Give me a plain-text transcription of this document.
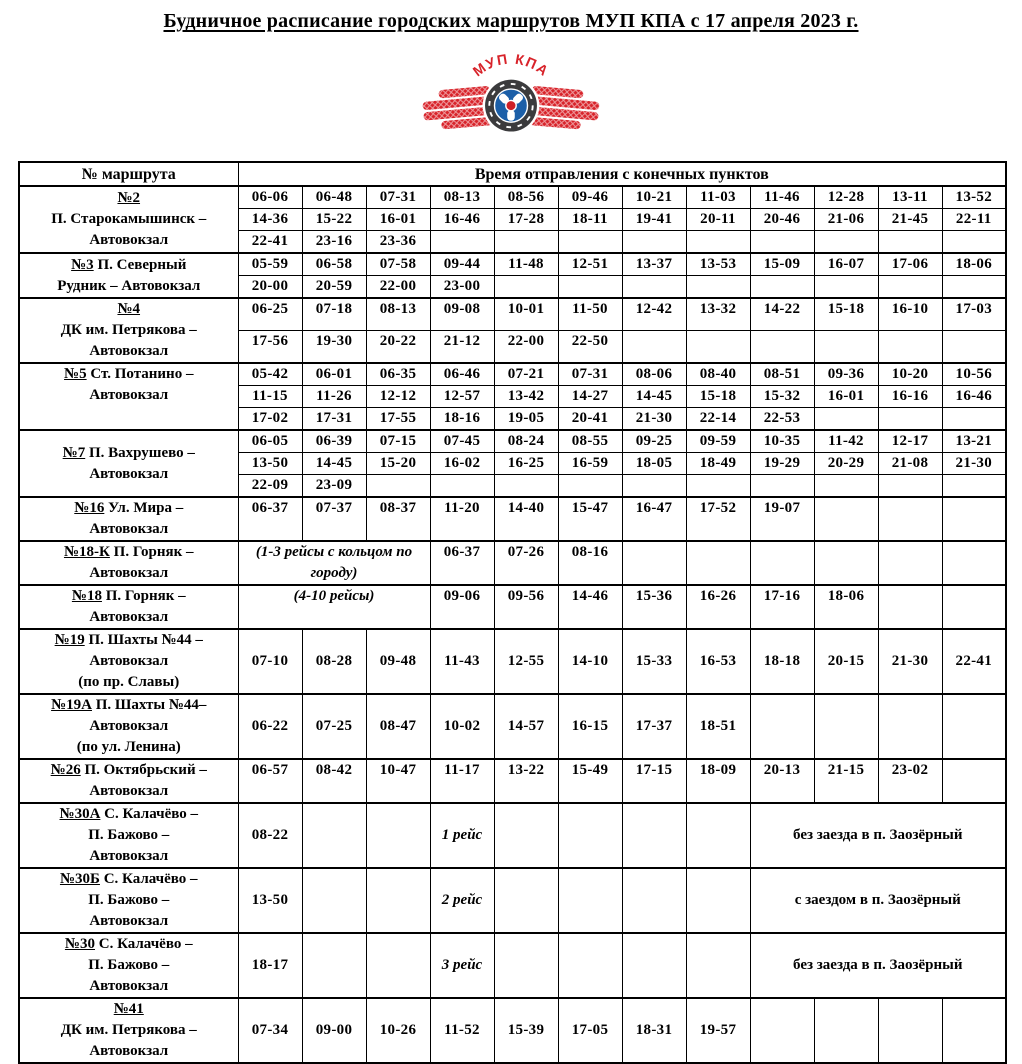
Будничное расписание городских маршрутов МУП КПА с 17 апреля 2023 г.
МУП КПА
№ маршрута	Время отправления с конечных пунктов											

№2
П. Старокамышинск –
Автовокзал	06-06	06-48	07-31	08-13	08-56	09-46	10-21	11-03	11-46	12-28	13-11	13-52
	14-36	15-22	16-01	16-46	17-28	18-11	19-41	20-11	20-46	21-06	21-45	22-11
	22-41	23-16	23-36									

№3 П. Северный
Рудник – Автовокзал	05-59	06-58	07-58	09-44	11-48	12-51	13-37	13-53	15-09	16-07	17-06	18-06
	20-00	20-59	22-00	23-00								

№4
ДК им. Петрякова –
Автовокзал	06-25	07-18	08-13	09-08	10-01	11-50	12-42	13-32	14-22	15-18	16-10	17-03
	17-56	19-30	20-22	21-12	22-00	22-50						

№5 Ст. Потанино –
Автовокзал	05-42	06-01	06-35	06-46	07-21	07-31	08-06	08-40	08-51	09-36	10-20	10-56
	11-15	11-26	12-12	12-57	13-42	14-27	14-45	15-18	15-32	16-01	16-16	16-46
	17-02	17-31	17-55	18-16	19-05	20-41	21-30	22-14	22-53			

№7 П. Вахрушево –
Автовокзал	06-05	06-39	07-15	07-45	08-24	08-55	09-25	09-59	10-35	11-42	12-17	13-21
	13-50	14-45	15-20	16-02	16-25	16-59	18-05	18-49	19-29	20-29	21-08	21-30
	22-09	23-09										

№16 Ул. Мира –
Автовокзал	06-37	07-37	08-37	11-20	14-40	15-47	16-47	17-52	19-07			

№18-К П. Горняк –
Автовокзал	(1-3 рейсы с кольцом по городу)			06-37	07-26	08-16						

№18 П. Горняк –
Автовокзал	(4-10 рейсы)			09-06	09-56	14-46	15-36	16-26	17-16	18-06		

№19 П. Шахты №44 –
Автовокзал
(по пр. Славы)	07-10	08-28	09-48	11-43	12-55	14-10	15-33	16-53	18-18	20-15	21-30	22-41

№19А П. Шахты №44–
Автовокзал
(по ул. Ленина)	06-22	07-25	08-47	10-02	14-57	16-15	17-37	18-51				

№26 П. Октябрьский –
Автовокзал	06-57	08-42	10-47	11-17	13-22	15-49	17-15	18-09	20-13	21-15	23-02	

№30А С. Калачёво –
П. Бажово –
Автовокзал	08-22			1 рейс					без заезда в п. Заозёрный			

№30Б С. Калачёво –
П. Бажово –
Автовокзал	13-50			2 рейс					с заездом в п. Заозёрный			

№30 С. Калачёво –
П. Бажово –
Автовокзал	18-17			3 рейс					без заезда в п. Заозёрный			

№41
ДК им. Петрякова –
Автовокзал	07-34	09-00	10-26	11-52	15-39	17-05	18-31	19-57				
